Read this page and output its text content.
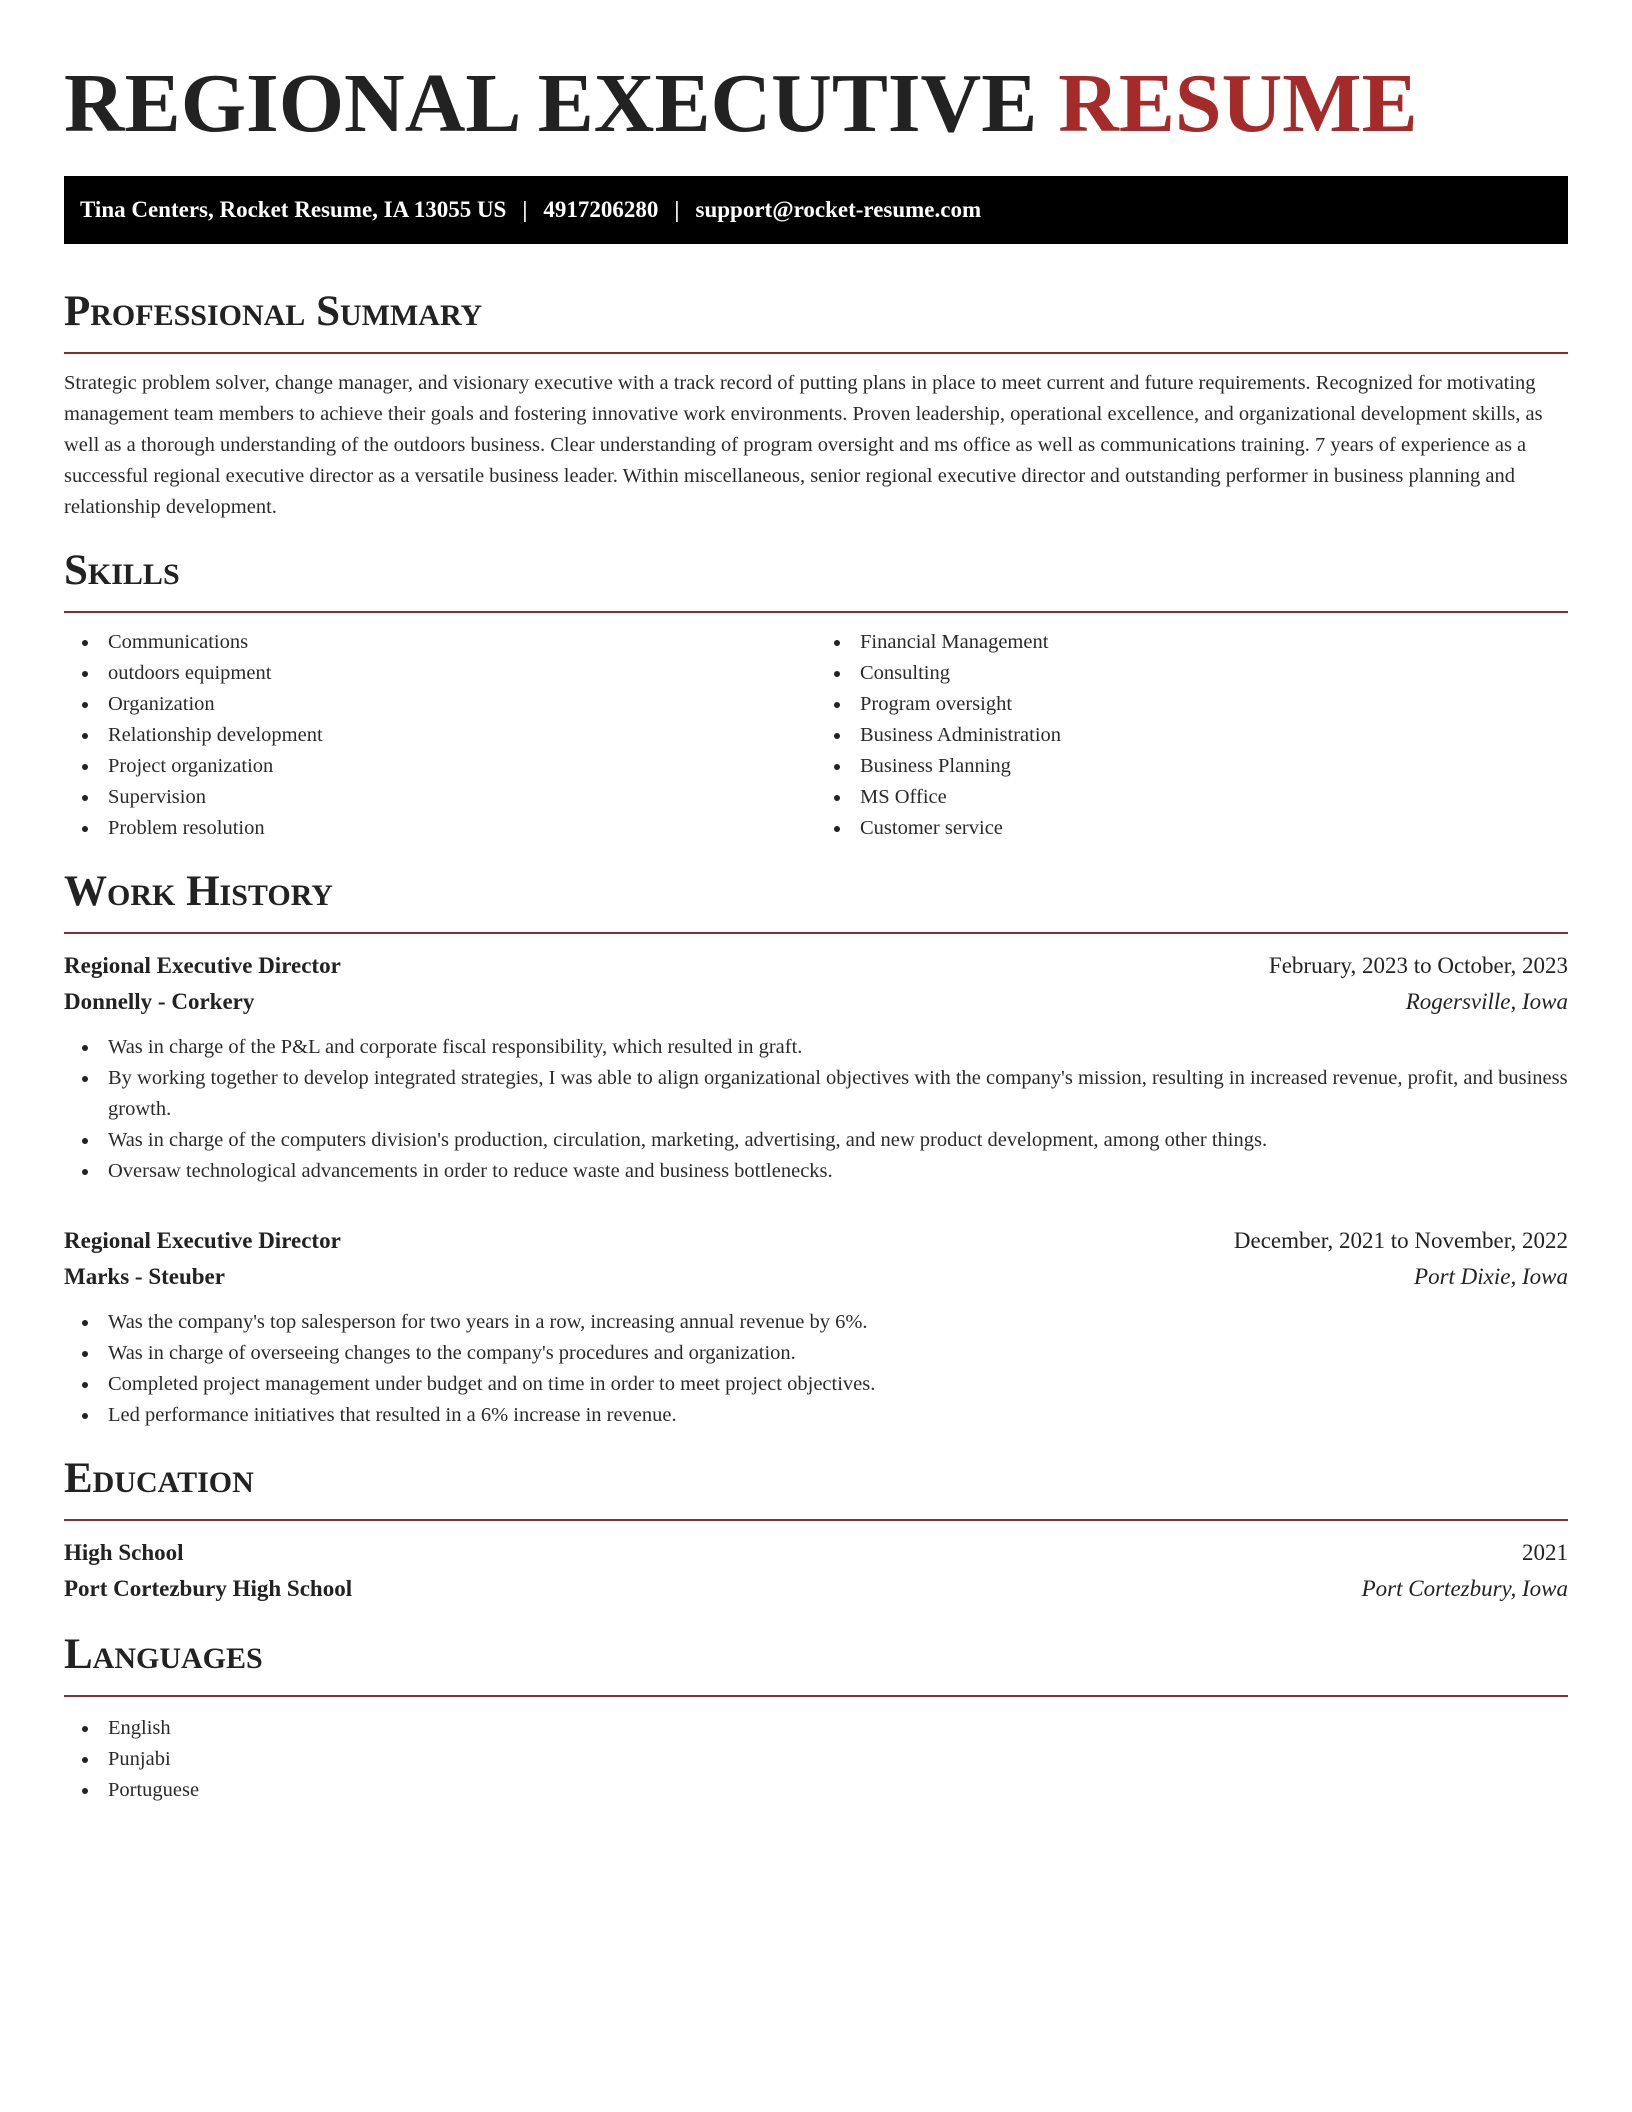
REGIONAL EXECUTIVE RESUME
Tina Centers, Rocket Resume, IA 13055 US | 4917206280 | support@rocket-resume.com
Professional Summary

Strategic problem solver, change manager, and visionary executive with a track record of putting plans in place to meet current and future requirements. Recognized for motivating management team members to achieve their goals and fostering innovative work environments. Proven leadership, operational excellence, and organizational development skills, as well as a thorough understanding of the outdoors business. Clear understanding of program oversight and ms office as well as communications training. 7 years of experience as a successful regional executive director as a versatile business leader. Within miscellaneous, senior regional executive director and outstanding performer in business planning and relationship development.

Skills
Communications
outdoors equipment
Organization
Relationship development
Project organization
Supervision
Problem resolution
Financial Management
Consulting
Program oversight
Business Administration
Business Planning
MS Office
Customer service
Work History
Regional Executive Director	February, 2023 to October, 2023
Donnelly - Corkery	Rogersville, Iowa
Was in charge of the P&L and corporate fiscal responsibility, which resulted in graft.
By working together to develop integrated strategies, I was able to align organizational objectives with the company's mission, resulting in increased revenue, profit, and business growth.
Was in charge of the computers division's production, circulation, marketing, advertising, and new product development, among other things.
Oversaw technological advancements in order to reduce waste and business bottlenecks.
Regional Executive Director	December, 2021 to November, 2022
Marks - Steuber	Port Dixie, Iowa
Was the company's top salesperson for two years in a row, increasing annual revenue by 6%.
Was in charge of overseeing changes to the company's procedures and organization.
Completed project management under budget and on time in order to meet project objectives.
Led performance initiatives that resulted in a 6% increase in revenue.
Education
High School	2021
Port Cortezbury High School	Port Cortezbury, Iowa
Languages
English
Punjabi
Portuguese
